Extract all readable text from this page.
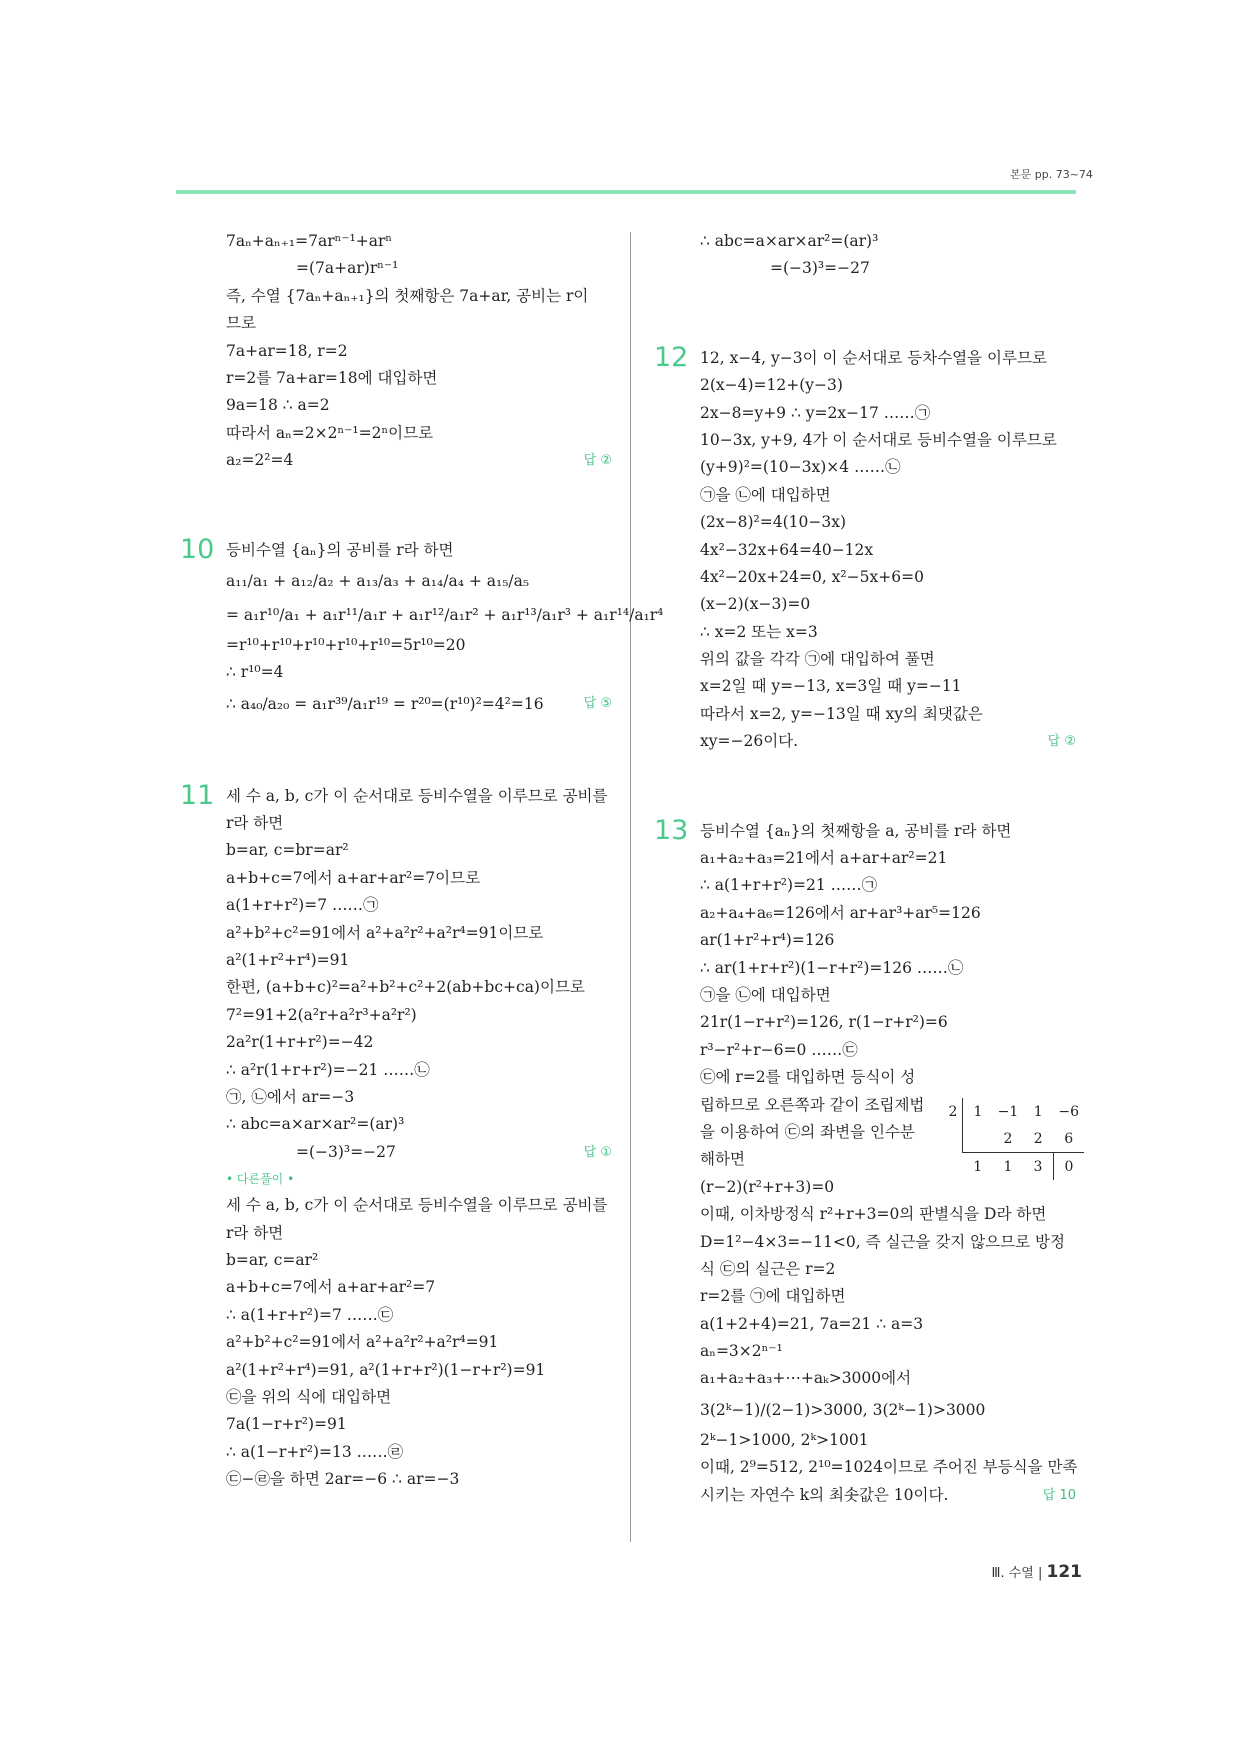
본문 pp. 73~74
7aₙ+aₙ₊₁=7arⁿ⁻¹+arⁿ
=(7a+ar)rⁿ⁻¹
즉, 수열 {7aₙ+aₙ₊₁}의 첫째항은 7a+ar, 공비는 r이
므로
7a+ar=18, r=2
r=2를 7a+ar=18에 대입하면
9a=18 ∴ a=2
따라서 aₙ=2×2ⁿ⁻¹=2ⁿ이므로
a₂=2²=4	답 ②
10 등비수열 {aₙ}의 공비를 r라 하면
a₁₁/a₁ + a₁₂/a₂ + a₁₃/a₃ + a₁₄/a₄ + a₁₅/a₅
= a₁r¹⁰/a₁ + a₁r¹¹/a₁r + a₁r¹²/a₁r² + a₁r¹³/a₁r³ + a₁r¹⁴/a₁r⁴
=r¹⁰+r¹⁰+r¹⁰+r¹⁰+r¹⁰=5r¹⁰=20
∴ r¹⁰=4
∴ a₄₀/a₂₀ = a₁r³⁹/a₁r¹⁹ = r²⁰=(r¹⁰)²=4²=16	답 ⑤
11 세 수 a, b, c가 이 순서대로 등비수열을 이루므로 공비를
r라 하면
b=ar, c=br=ar²
a+b+c=7에서 a+ar+ar²=7이므로
a(1+r+r²)=7 ……㉠
a²+b²+c²=91에서 a²+a²r²+a²r⁴=91이므로
a²(1+r²+r⁴)=91
한편, (a+b+c)²=a²+b²+c²+2(ab+bc+ca)이므로
7²=91+2(a²r+a²r³+a²r²)
2a²r(1+r+r²)=−42
∴ a²r(1+r+r²)=−21 ……㉡
㉠, ㉡에서 ar=−3
∴ abc=a×ar×ar²=(ar)³
=(−3)³=−27	답 ①
• 다른풀이 •
세 수 a, b, c가 이 순서대로 등비수열을 이루므로 공비를
r라 하면
b=ar, c=ar²
a+b+c=7에서 a+ar+ar²=7
∴ a(1+r+r²)=7 ……㉢
a²+b²+c²=91에서 a²+a²r²+a²r⁴=91
a²(1+r²+r⁴)=91, a²(1+r+r²)(1−r+r²)=91
㉢을 위의 식에 대입하면
7a(1−r+r²)=91
∴ a(1−r+r²)=13 ……㉣
㉢−㉣을 하면 2ar=−6 ∴ ar=−3
∴ abc=a×ar×ar²=(ar)³
=(−3)³=−27
12 12, x−4, y−3이 이 순서대로 등차수열을 이루므로
2(x−4)=12+(y−3)
2x−8=y+9 ∴ y=2x−17 ……㉠
10−3x, y+9, 4가 이 순서대로 등비수열을 이루므로
(y+9)²=(10−3x)×4 ……㉡
㉠을 ㉡에 대입하면
(2x−8)²=4(10−3x)
4x²−32x+64=40−12x
4x²−20x+24=0, x²−5x+6=0
(x−2)(x−3)=0
∴ x=2 또는 x=3
위의 값을 각각 ㉠에 대입하여 풀면
x=2일 때 y=−13, x=3일 때 y=−11
따라서 x=2, y=−13일 때 xy의 최댓값은
xy=−26이다.	답 ②
13 등비수열 {aₙ}의 첫째항을 a, 공비를 r라 하면
a₁+a₂+a₃=21에서 a+ar+ar²=21
∴ a(1+r+r²)=21 ……㉠
a₂+a₄+a₆=126에서 ar+ar³+ar⁵=126
ar(1+r²+r⁴)=126
∴ ar(1+r+r²)(1−r+r²)=126 ……㉡
㉠을 ㉡에 대입하면
21r(1−r+r²)=126, r(1−r+r²)=6
r³−r²+r−6=0 ……㉢
㉢에 r=2를 대입하면 등식이 성
립하므로 오른쪽과 같이 조립제법
을 이용하여 ㉢의 좌변을 인수분
해하면
(r−2)(r²+r+3)=0
이때, 이차방정식 r²+r+3=0의 판별식을 D라 하면
D=1²−4×3=−11<0, 즉 실근을 갖지 않으므로 방정
식 ㉢의 실근은 r=2
r=2를 ㉠에 대입하면
a(1+2+4)=21, 7a=21 ∴ a=3
aₙ=3×2ⁿ⁻¹
a₁+a₂+a₃+⋯+aₖ>3000에서
3(2ᵏ−1)/(2−1)>3000, 3(2ᵏ−1)>3000
2ᵏ−1>1000, 2ᵏ>1001
이때, 2⁹=512, 2¹⁰=1024이므로 주어진 부등식을 만족
시키는 자연수 k의 최솟값은 10이다.	답 10
2	1	−1	1	−6
		2	2	6
	1	1	3	0
Ⅲ. 수열 | 121
